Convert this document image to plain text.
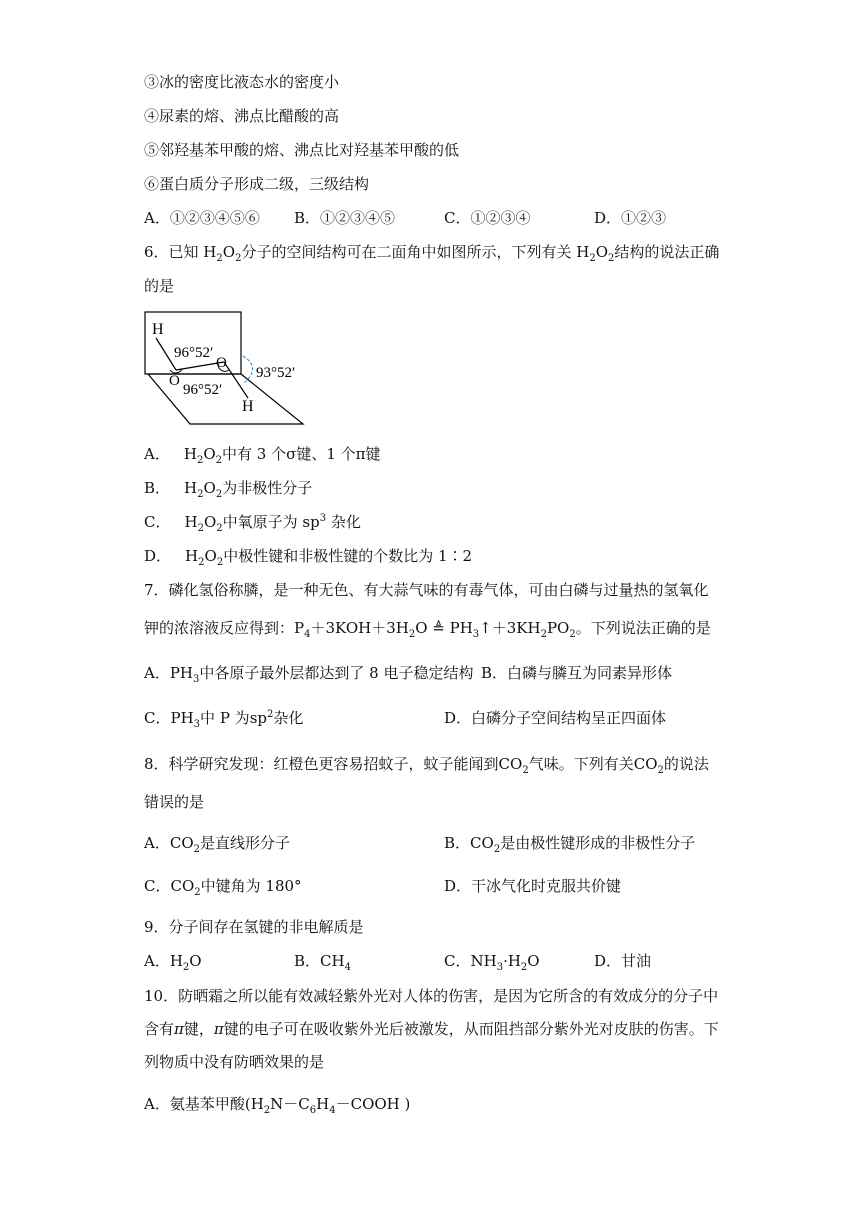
③冰的密度比液态水的密度小
④尿素的熔、沸点比醋酸的高
⑤邻羟基苯甲酸的熔、沸点比对羟基苯甲酸的低
⑥蛋白质分子形成二级，三级结构
A．①②③④⑤⑥ B．①②③④⑤	C．①②③④	D．①②③
6．已知 $H_2O_2$分子的空间结构可在二面角中如图所示，下列有关 $H_2O_2$结构的说法正确
的是
H
96°52′
O
O
96°52′
93°52′
H
A． $H_2O_2$中有 3 个σ键、1 个π键
B． $H_2O_2$为非极性分子
C． $H_2O_2$中氧原子为 $sp^3$ 杂化
D． $H_2O_2$中极性键和非极性键的个数比为 1∶2
7．磷化氢俗称膦，是一种无色、有大蒜气味的有毒气体，可由白磷与过量热的氢氧化
钾的浓溶液反应得到：$P_4+3KOH+3H_2O$ ≜ $PH_3↑+3KH_2PO_2$。下列说法正确的是
A．$PH_3$中各原子最外层都达到了 8 电子稳定结构 B．白磷与膦互为同素异形体
C．$PH_3$中 P 为$sp^2$杂化	D．白磷分子空间结构呈正四面体
8．科学研究发现：红橙色更容易招蚊子，蚊子能闻到$CO_2$气味。下列有关$CO_2$的说法
错误的是
A．$CO_2$是直线形分子	B．$CO_2$是由极性键形成的非极性分子
C．$CO_2$中键角为 180°	D．干冰气化时克服共价键
9．分子间存在氢键的非电解质是
A．$H_2O$	B．$CH_4$	C．$NH_3\cdot H_2O$	D．甘油
10．防晒霜之所以能有效减轻紫外光对人体的伤害，是因为它所含的有效成分的分子中
含有π键，π键的电子可在吸收紫外光后被激发，从而阻挡部分紫外光对皮肤的伤害。下
列物质中没有防晒效果的是
A．氨基苯甲酸($H_2N-C_6H_4-COOH$ )
